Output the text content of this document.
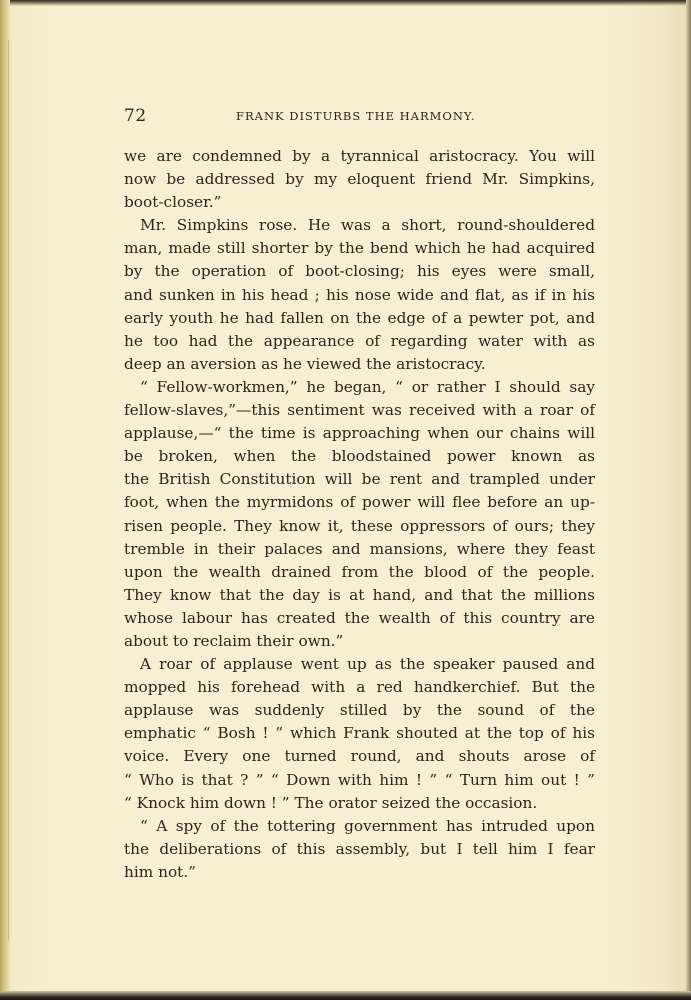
72	FRANK DISTURBS THE HARMONY.
we are condemned by a tyrannical aristocracy. You will
now be addressed by my eloquent friend Mr. Simpkins,
boot-closer.”
Mr. Simpkins rose. He was a short, round-shouldered
man, made still shorter by the bend which he had acquired
by the operation of boot-closing; his eyes were small,
and sunken in his head ; his nose wide and flat, as if in his
early youth he had fallen on the edge of a pewter pot, and
he too had the appearance of regarding water with as
deep an aversion as he viewed the aristocracy.
“ Fellow-workmen,” he began, “ or rather I should say
fellow-slaves,”—this sentiment was received with a roar of
applause,—“ the time is approaching when our chains will
be broken, when the bloodstained power known as
the British Constitution will be rent and trampled under
foot, when the myrmidons of power will flee before an up-
risen people. They know it, these oppressors of ours; they
tremble in their palaces and mansions, where they feast
upon the wealth drained from the blood of the people.
They know that the day is at hand, and that the millions
whose labour has created the wealth of this country are
about to reclaim their own.”
A roar of applause went up as the speaker paused and
mopped his forehead with a red handkerchief. But the
applause was suddenly stilled by the sound of the
emphatic “ Bosh ! ” which Frank shouted at the top of his
voice. Every one turned round, and shouts arose of
“ Who is that ? ” “ Down with him ! ” “ Turn him out ! ”
“ Knock him down ! ” The orator seized the occasion.
“ A spy of the tottering government has intruded upon
the deliberations of this assembly, but I tell him I fear
him not.”
